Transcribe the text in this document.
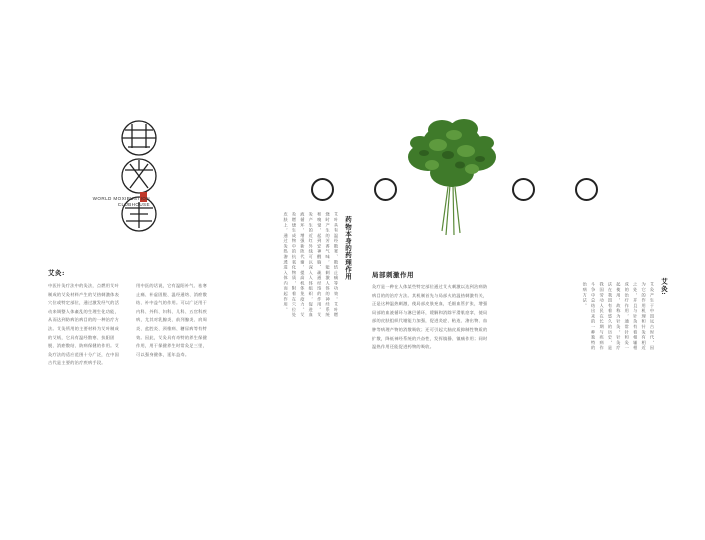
WORLD MOXIBUSTION
CLUBHOUSE
艾灸:
中医针灸疗法中的灸法，点燃用艾叶制成的艾灸材料产生的艾热刺激体表穴位或特定部位，通过激发经气的活动来调整人体紊乱的生理生化功能，从而达到防病治病目的的一种治疗方法。艾灸所用的主要材料为艾叶制成的艾绒，它具有温经散寒、扶阳固脱、消瘀散结、防病保健的作用。艾灸疗法的适应范围十分广泛，在中国古代是主要的治疗疾病手段。
用中医的话说，它有温阳补气、祛寒止痛、补虚固脱、温经通络、消瘀散结、补中益气的作用。可以广泛用于内科、外科、妇科、儿科、五官科疾病，尤其对乳腺炎、前列腺炎、肩周炎、盆腔炎、颈椎病、糖尿病等有特效。因此，艾灸具有奇特的养生保健作用，用于保健养生时常灸足三里，可以强身健体，延年益寿。
药物本身的药理作用
艾叶具有温经散寒、散结止痛等功效。艾叶燃烧时产生的芳香气味，能刺激人体的神经系统和嗅觉，起到安神醒脑、疏通经络的作用。艾灸产生的近红外线可以深入人体组织，促进血液循环，增强新陈代谢，提高机体免疫力。艾灸燃烧生成物中的抗氧化物质，附着在穴位处皮肤上，通过灸热渗透进入体内而起作用。	局部刺激作用
灸疗是一种在人体某些特定部位通过艾火刺激以达到治病防病目的的治疗方法。其机制首先与局部火的温热刺激有关，正是这种温热刺激，使局部皮肤充血，毛细血管扩张，增强局部的血液循环与淋巴循环，缓解和消除平滑肌痉挛，使局部的皮肤组织代谢能力加强，促进炎症、粘连、渗出物、血肿等病理产物的消散吸收；还可引起大脑皮质抑制性物质的扩散，降低神经系统的兴奋性，发挥镇静、镇痛作用；同时温热作用还能促进药物的吸收。
艾灸:
艾灸产生于中国远古时代，因为它的作用机理和针灸有相近之处，并且与针灸有着相辅相成的治疗作用，通常针和灸一起使用，故称为针灸。针灸疗法在我国有着悠久的历史，是我国劳动人民在长期与疾病作斗争中总结出来的一种独特的治病方法。
